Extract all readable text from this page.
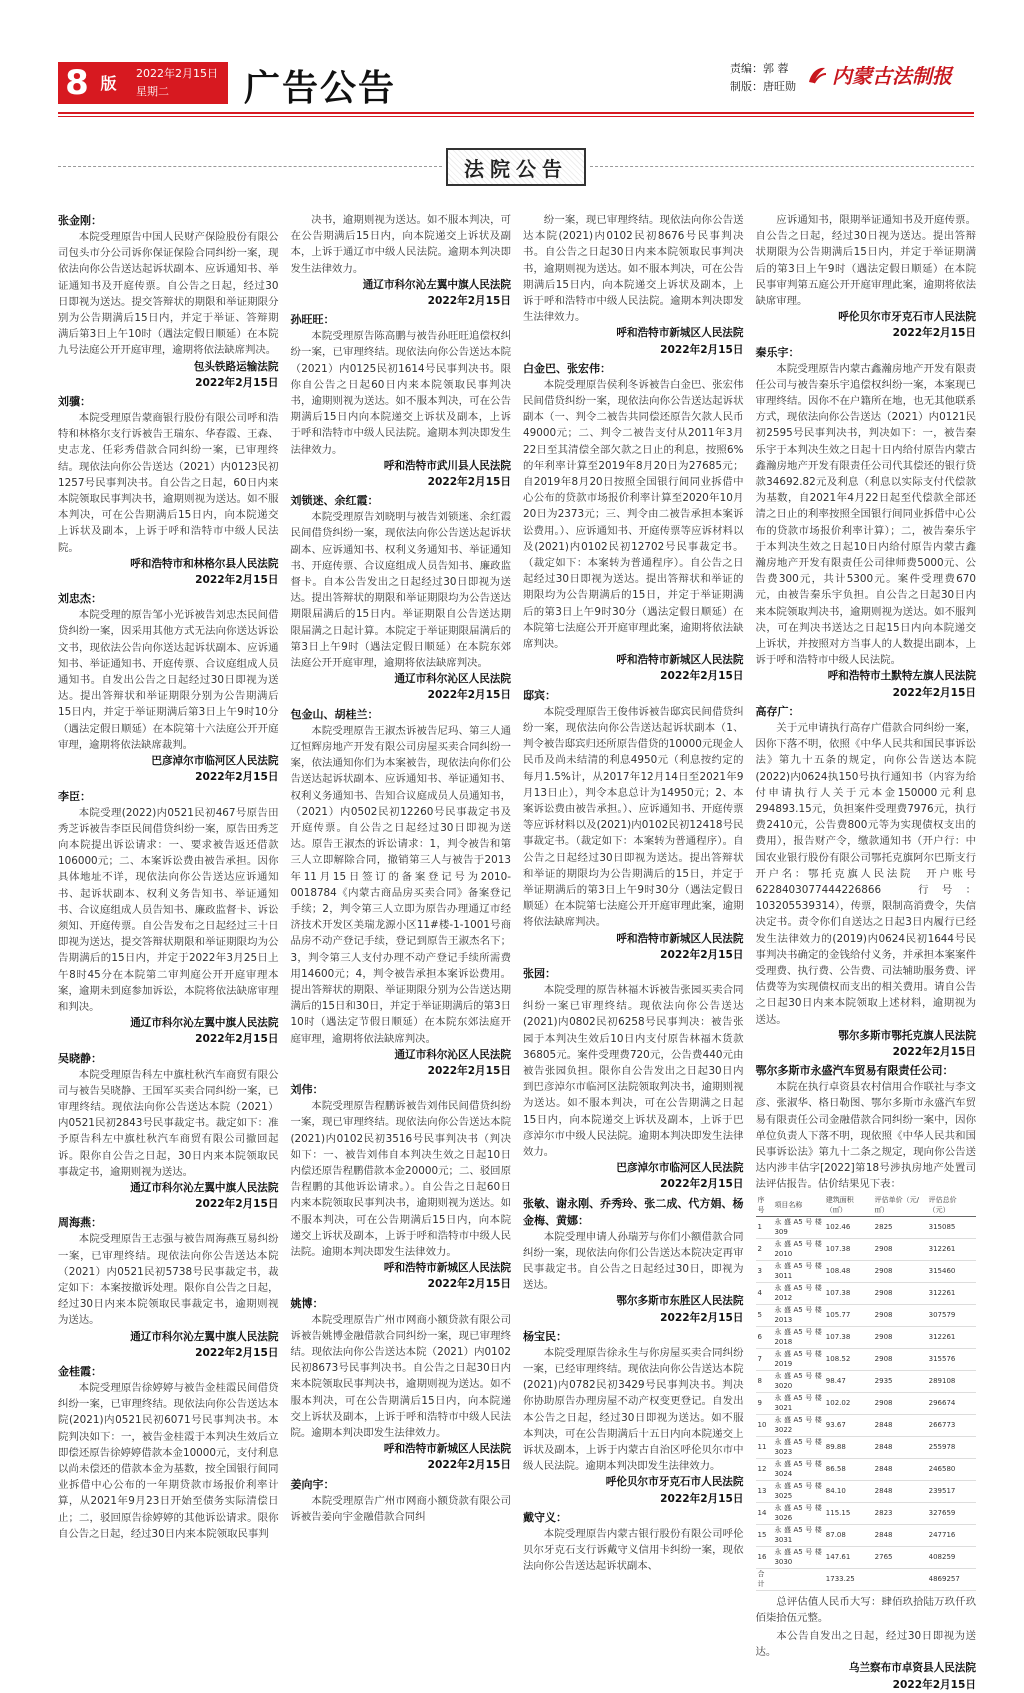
8 版
2022年2月15日
星期二	广告公告	责编：郭 蓉
制版：唐旺勋 内蒙古法制报
法院公告
张金刚：

本院受理原告中国人民财产保险股份有限公司包头市分公司诉你保证保险合同纠纷一案，现依法向你公告送达起诉状副本、应诉通知书、举证通知书及开庭传票。自公告之日起，经过30日即视为送达。提交答辩状的期限和举证期限分别为公告期满后15日内，并定于举证、答辩期满后第3日上午10时（遇法定假日顺延）在本院九号法庭公开开庭审理，逾期将依法缺席判决。

包头铁路运输法院
2022年2月15日
刘骥：

本院受理原告蒙商银行股份有限公司呼和浩特和林格尔支行诉被告王瑞东、华春霞、王森、史志龙、任彩秀借款合同纠纷一案，已审理终结。现依法向你公告送达（2021）内0123民初1257号民事判决书。自公告之日起，60日内来本院领取民事判决书，逾期则视为送达。如不服本判决，可在公告期满后15日内，向本院递交上诉状及副本，上诉于呼和浩特市中级人民法院。

呼和浩特市和林格尔县人民法院
2022年2月15日
刘忠杰：

本院受理的原告邹小光诉被告刘忠杰民间借贷纠纷一案，因采用其他方式无法向你送达诉讼文书，现依法公告向你送达起诉状副本、应诉通知书、举证通知书、开庭传票、合议庭组成人员通知书。自发出公告之日起经过30日即视为送达。提出答辩状和举证期限分别为公告期满后15日内，并定于举证期满后第3日上午9时10分（遇法定假日顺延）在本院第十六法庭公开开庭审理，逾期将依法缺席裁判。

巴彦淖尔市临河区人民法院
2022年2月15日
李臣：

本院受理(2022)内0521民初467号原告田秀芝诉被告李臣民间借贷纠纷一案，原告田秀芝向本院提出诉讼请求：一、要求被告返还借款106000元；二、本案诉讼费由被告承担。因你具体地址不详，现依法向你公告送达应诉通知书、起诉状副本、权利义务告知书、举证通知书、合议庭组成人员告知书、廉政监督卡、诉讼须知、开庭传票。自公告发布之日起经过三十日即视为送达，提交答辩状期限和举证期限均为公告期满后的15日内，并定于2022年3月25日上午8时45分在本院第二审判庭公开开庭审理本案，逾期未到庭参加诉讼，本院将依法缺席审理和判决。

通辽市科尔沁左翼中旗人民法院
2022年2月15日
吴晓静：

本院受理原告科左中旗杜秋汽车商贸有限公司与被告吴晓静、王国军买卖合同纠纷一案，已审理终结。现依法向你公告送达本院（2021）内0521民初2843号民事裁定书。裁定如下：准予原告科左中旗杜秋汽车商贸有限公司撤回起诉。限你自公告之日起，30日内来本院领取民事裁定书，逾期则视为送达。

通辽市科尔沁左翼中旗人民法院
2022年2月15日
周海燕：

本院受理原告王志强与被告周海燕互易纠纷一案，已审理终结。现依法向你公告送达本院（2021）内0521民初5738号民事裁定书，裁定如下：本案按撤诉处理。限你自公告之日起，经过30日内来本院领取民事裁定书，逾期则视为送达。

通辽市科尔沁左翼中旗人民法院
2022年2月15日
金桂霞：

本院受理原告徐婷婷与被告金桂霞民间借贷纠纷一案，已审理终结。现依法向你公告送达本院(2021)内0521民初6071号民事判决书。本院判决如下：一，被告金桂霞于本判决生效后立即偿还原告徐婷婷借款本金10000元，支付利息以尚未偿还的借款本金为基数，按全国银行间同业拆借中心公布的一年期贷款市场报价利率计算，从2021年9月23日开始至债务实际清偿日止；二，驳回原告徐婷婷的其他诉讼请求。限你自公告之日起，经过30日内来本院领取民事判

决书，逾期则视为送达。如不服本判决，可在公告期满后15日内，向本院递交上诉状及副本，上诉于通辽市中级人民法院。逾期本判决即发生法律效力。

通辽市科尔沁左翼中旗人民法院
2022年2月15日
孙旺旺：

本院受理原告陈高鹏与被告孙旺旺追偿权纠纷一案，已审理终结。现依法向你公告送达本院（2021）内0125民初1614号民事判决书。限你自公告之日起60日内来本院领取民事判决书，逾期则视为送达。如不服本判决，可在公告期满后15日内向本院递交上诉状及副本，上诉于呼和浩特市中级人民法院。逾期本判决即发生法律效力。

呼和浩特市武川县人民法院
2022年2月15日
刘锁迷、余红霞：

本院受理原告刘晓明与被告刘锁迷、余红霞民间借贷纠纷一案，现依法向你公告送达起诉状副本、应诉通知书、权利义务通知书、举证通知书、开庭传票、合议庭组成人员告知书、廉政监督卡。自本公告发出之日起经过30日即视为送达。提出答辩状的期限和举证期限均为公告送达期限届满后的15日内。举证期限自公告送达期限届满之日起计算。本院定于举证期限届满后的第3日上午9时（遇法定假日顺延）在本院东郊法庭公开开庭审理，逾期将依法缺席判决。

通辽市科尔沁区人民法院
2022年2月15日
包金山、胡桂兰：

本院受理原告王淑杰诉被告尼玛、第三人通辽恒辉房地产开发有限公司房屋买卖合同纠纷一案，依法通知你们为本案被告，现依法向你们公告送达起诉状副本、应诉通知书、举证通知书、权利义务通知书、告知合议庭成员人员通知书，（2021）内0502民初12260号民事裁定书及开庭传票。自公告之日起经过30日即视为送达。原告王淑杰的诉讼请求：1，判令被告和第三人立即解除合同，撤销第三人与被告于2013年11月15日签订的备案登记号为2010-0018784《内蒙古商品房买卖合同》备案登记手续；2，判令第三人立即为原告办理通辽市经济技术开发区美瑞龙源小区11#楼-1-1001号商品房不动产登记手续，登记到原告王淑杰名下；3，判令第三人支付办理不动产登记手续所需费用14600元；4，判令被告承担本案诉讼费用。提出答辩状的期限、举证期限分别为公告送达期满后的15日和30日，并定于举证期满后的第3日10时（遇法定节假日顺延）在本院东郊法庭开庭审理，逾期将依法缺席判决。

通辽市科尔沁区人民法院
2022年2月15日
刘伟：

本院受理原告程鹏诉被告刘伟民间借贷纠纷一案，现已审理终结。现依法向你公告送达本院(2021)内0102民初3516号民事判决书（判决如下：一、被告刘伟自本判决生效之日起10日内偿还原告程鹏借款本金20000元；二、驳回原告程鹏的其他诉讼请求。）。自公告之日起60日内来本院领取民事判决书，逾期则视为送达。如不服本判决，可在公告期满后15日内，向本院递交上诉状及副本，上诉于呼和浩特市中级人民法院。逾期本判决即发生法律效力。

呼和浩特市新城区人民法院
2022年2月15日
姚博：

本院受理原告广州市网商小额贷款有限公司诉被告姚博金融借款合同纠纷一案，现已审理终结。现依法向你公告送达本院（2021）内0102民初8673号民事判决书。自公告之日起30日内来本院领取民事判决书，逾期则视为送达。如不服本判决，可在公告期满后15日内，向本院递交上诉状及副本，上诉于呼和浩特市中级人民法院。逾期本判决即发生法律效力。

呼和浩特市新城区人民法院
2022年2月15日
姜向宇：

本院受理原告广州市网商小额贷款有限公司诉被告姜向宇金融借款合同纠

纷一案，现已审理终结。现依法向你公告送达本院(2021)内0102民初8676号民事判决书。自公告之日起30日内来本院领取民事判决书，逾期则视为送达。如不服本判决，可在公告期满后15日内，向本院递交上诉状及副本，上诉于呼和浩特市中级人民法院。逾期本判决即发生法律效力。

呼和浩特市新城区人民法院
2022年2月15日
白金巴、张宏伟：

本院受理原告侯利冬诉被告白金巴、张宏伟民间借贷纠纷一案，现依法向你公告送达起诉状副本（一、判令二被告共同偿还原告欠款人民币49000元；二、判令二被告支付从2011年3月22日至其清偿全部欠款之日止的利息，按照6%的年利率计算至2019年8月20日为27685元；自2019年8月20日按照全国银行间同业拆借中心公布的贷款市场报价利率计算至2020年10月20日为2373元；三、判令由二被告承担本案诉讼费用。）、应诉通知书、开庭传票等应诉材料以及(2021)内0102民初12702号民事裁定书。（裁定如下：本案转为普通程序）。自公告之日起经过30日即视为送达。提出答辩状和举证的期限均为公告期满后的15日，并定于举证期满后的第3日上午9时30分（遇法定假日顺延）在本院第七法庭公开开庭审理此案，逾期将依法缺席判决。

呼和浩特市新城区人民法院
2022年2月15日
邸宾：

本院受理原告王俊伟诉被告邸宾民间借贷纠纷一案，现依法向你公告送达起诉状副本（1、判令被告邸宾归还所原告借贷的10000元现金人民币及尚未结清的利息4950元（利息按约定的每月1.5%计，从2017年12月14日至2021年9月13日止），判令本息总计为14950元；2、本案诉讼费由被告承担。）、应诉通知书、开庭传票等应诉材料以及(2021)内0102民初12418号民事裁定书。（裁定如下：本案转为普通程序）。自公告之日起经过30日即视为送达。提出答辩状和举证的期限均为公告期满后的15日，并定于举证期满后的第3日上午9时30分（遇法定假日顺延）在本院第七法庭公开开庭审理此案，逾期将依法缺席判决。

呼和浩特市新城区人民法院
2022年2月15日
张园：

本院受理的原告林福木诉被告张园买卖合同纠纷一案已审理终结。现依法向你公告送达(2021)内0802民初6258号民事判决：被告张园于本判决生效后10日内支付原告林福木货款36805元。案件受理费720元，公告费440元由被告张园负担。限你自公告发出之日起30日内到巴彦淖尔市临河区法院领取判决书，逾期则视为送达。如不服本判决，可在公告期满之日起15日内，向本院递交上诉状及副本，上诉于巴彦淖尔市中级人民法院。逾期本判决即发生法律效力。

巴彦淖尔市临河区人民法院
2022年2月15日
张敏、谢永刚、乔秀玲、张二成、代方娟、杨金梅、黄娜：

本院受理申请人孙瑞芳与你们小额借款合同纠纷一案，现依法向你们公告送达本院决定再审民事裁定书。自公告之日起经过30日，即视为送达。

鄂尔多斯市东胜区人民法院
2022年2月15日
杨宝民：

本院受理原告徐永生与你房屋买卖合同纠纷一案，已经审理终结。现依法向你公告送达本院(2021)内0782民初3429号民事判决书。判决你协助原告办理房屋不动产权变更登记。自发出本公告之日起，经过30日即视为送达。如不服本判决，可在公告期满后十五日内向本院递交上诉状及副本，上诉于内蒙古自治区呼伦贝尔市中级人民法院。逾期本判决即发生法律效力。

呼伦贝尔市牙克石市人民法院
2022年2月15日
戴守义：

本院受理原告内蒙古银行股份有限公司呼伦贝尔牙克石支行诉戴守义信用卡纠纷一案，现依法向你公告送达起诉状副本、

应诉通知书，限期举证通知书及开庭传票。自公告之日起，经过30日视为送达。提出答辩状期限为公告期满后15日内，并定于举证期满后的第3日上午9时（遇法定假日顺延）在本院民事审判第五庭公开开庭审理此案，逾期将依法缺席审理。

呼伦贝尔市牙克石市人民法院
2022年2月15日
秦乐宇：

本院受理原告内蒙古鑫瀚房地产开发有限责任公司与被告秦乐宇追偿权纠纷一案，本案现已审理终结。因你不在户籍所在地，也无其他联系方式，现依法向你公告送达（2021）内0121民初2595号民事判决书，判决如下：一，被告秦乐宇于本判决生效之日起十日内给付原告内蒙古鑫瀚房地产开发有限责任公司代其偿还的银行贷款34692.82元及利息（利息以实际支付代偿款为基数，自2021年4月22日起至代偿款全部还清之日止的利率按照全国银行间同业拆借中心公布的贷款市场报价利率计算）；二，被告秦乐宇于本判决生效之日起10日内给付原告内蒙古鑫瀚房地产开发有限责任公司律师费5000元、公告费300元，共计5300元。案件受理费670元，由被告秦乐宇负担。自公告之日起30日内来本院领取判决书，逾期则视为送达。如不服判决，可在判决书送达之日起15日内向本院递交上诉状，并按照对方当事人的人数提出副本，上诉于呼和浩特市中级人民法院。

呼和浩特市土默特左旗人民法院
2022年2月15日
高存广：

关于元申请执行高存广借款合同纠纷一案，因你下落不明，依照《中华人民共和国民事诉讼法》第九十五条的规定，向你公告送达本院(2022)内0624执150号执行通知书（内容为给付申请执行人关于元本金150000元利息294893.15元，负担案件受理费7976元，执行费2410元，公告费800元等为实现债权支出的费用），报告财产令，缴款通知书（开户行：中国农业银行股份有限公司鄂托克旗阿尔巴斯支行　开户名：鄂托克旗人民法院　开户账号6228403077444226866　行号：103205539314），传票，限制高消费令，失信决定书。责令你们自送达之日起3日内履行已经发生法律效力的(2019)内0624民初1644号民事判决书确定的金钱给付义务，并承担本案案件受理费、执行费、公告费、司法辅助服务费、评估费等为实现债权而支出的相关费用。请自公告之日起30日内来本院领取上述材料，逾期视为送达。

鄂尔多斯市鄂托克旗人民法院
2022年2月15日
鄂尔多斯市永盛汽车贸易有限责任公司：

本院在执行卓资县农村信用合作联社与李文彦、张淑华、格日勒图、鄂尔多斯市永盛汽车贸易有限责任公司金融借款合同纠纷一案中，因你单位负责人下落不明，现依照《中华人民共和国民事诉讼法》第九十二条之规定，现向你公告送达内涉丰估字[2022]第18号涉执房地产处置司法评估报告。估价结果见下表：

序号	项目名称	建筑面积（㎡）	评估单价（元/㎡）	评估总价（元）
1	永盛A5号楼309	102.46	2825	315085
2	永盛A5号楼2010	107.38	2908	312261
3	永盛A5号楼3011	108.48	2908	315460
4	永盛A5号楼2012	107.38	2908	312261
5	永盛A5号楼2013	105.77	2908	307579
6	永盛A5号楼2018	107.38	2908	312261
7	永盛A5号楼2019	108.52	2908	315576
8	永盛A5号楼3020	98.47	2935	289108
9	永盛A5号楼3021	102.02	2908	296674
10	永盛A5号楼3022	93.67	2848	266773
11	永盛A5号楼3023	89.88	2848	255978
12	永盛A5号楼3024	86.58	2848	246580
13	永盛A5号楼3025	84.10	2848	239517
14	永盛A5号楼3026	115.15	2823	327659
15	永盛A5号楼3031	87.08	2848	247716
16	永盛A5号楼3030	147.61	2765	408259
合计		1733.25		4869257

总评估值人民币大写：肆佰玖拾陆万玖仟玖佰柒拾伍元整。

本公告自发出之日起，经过30日即视为送达。

乌兰察布市卓资县人民法院
2022年2月15日
